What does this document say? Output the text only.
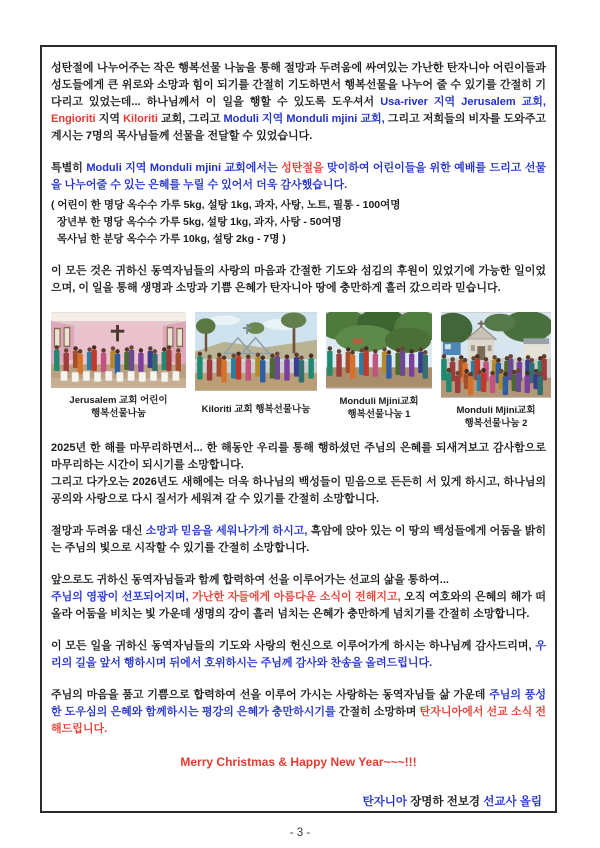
성탄절에 나누어주는 작은 행복선물 나눔을 통해 절망과 두려움에 싸여있는 가난한 탄자니아 어린이들과 성도들에게 큰 위로와 소망과 힘이 되기를 간절히 기도하면서 행복선물을 나누어 줄 수 있기를 간절히 기다리고 있었는데... 하나님께서 이 일을 행할 수 있도록 도우셔서 Usa-river 지역 Jerusalem 교회, Engioriti 지역 Kiloriti 교회, 그리고 Moduli 지역 Monduli mjini 교회, 그리고 저희들의 비자를 도와주고 계시는 7명의 목사님들께 선물을 전달할 수 있었습니다.

특별히 Moduli 지역 Monduli mjini 교회에서는 성탄절을 맞이하여 어린이들을 위한 예배를 드리고 선물을 나누어줄 수 있는 은혜를 누릴 수 있어서 더욱 감사했습니다.

( 어린이 한 명당 옥수수 가루 5kg, 설탕 1kg, 과자, 사탕, 노트, 필통 - 100여명
장년부 한 명당 옥수수 가루 5kg, 설탕 1kg, 과자, 사탕 - 50여명
목사님 한 분당 옥수수 가루 10kg, 설탕 2kg - 7명 )

이 모든 것은 귀하신 동역자님들의 사랑의 마음과 간절한 기도와 섬김의 후원이 있었기에 가능한 일이었으며, 이 일을 통해 생명과 소망과 기쁨 은혜가 탄자니아 땅에 충만하게 흘러 갔으리라 믿습니다.

Jerusalem 교회 어린이
행복선물나눔	Kiloriti 교회 행복선물나눔
Monduli Mjini교회
행복선물나눔 1	Monduli Mjini교회
행복선물나눔 2

2025년 한 해를 마무리하면서... 한 해동안 우리를 통해 행하셨던 주님의 은혜를 되새겨보고 감사함으로 마무리하는 시간이 되시기를 소망합니다.
그리고 다가오는 2026년도 새해에는 더욱 하나님의 백성들이 믿음으로 든든히 서 있게 하시고, 하나님의 공의와 사랑으로 다시 질서가 세워져 갈 수 있기를 간절히 소망합니다.

절망과 두려움 대신 소망과 믿음을 세워나가게 하시고, 흑암에 앉아 있는 이 땅의 백성들에게 어둠을 밝히는 주님의 빛으로 시작할 수 있기를 간절히 소망합니다.

앞으로도 귀하신 동역자님들과 함께 합력하여 선을 이루어가는 선교의 삶을 통하여...
주님의 영광이 선포되어지며, 가난한 자들에게 아름다운 소식이 전해지고, 오직 여호와의 은혜의 해가 떠올라 어둠을 비치는 빛 가운데 생명의 강이 흘러 넘치는 은혜가 충만하게 넘치기를 간절히 소망합니다.

이 모든 일을 귀하신 동역자님들의 기도와 사랑의 헌신으로 이루어가게 하시는 하나님께 감사드리며, 우리의 길을 앞서 행하시며 뒤에서 호위하시는 주님께 감사와 찬송을 올려드립니다.

주님의 마음을 품고 기쁨으로 합력하여 선을 이루어 가시는 사랑하는 동역자님들 삶 가운데 주님의 풍성한 도우심의 은혜와 함께하시는 평강의 은혜가 충만하시기를 간절히 소망하며 탄자니아에서 선교 소식 전해드립니다.

Merry Christmas & Happy New Year~~~!!!
탄자니아 장명하 전보경 선교사 올림
- 3 -
